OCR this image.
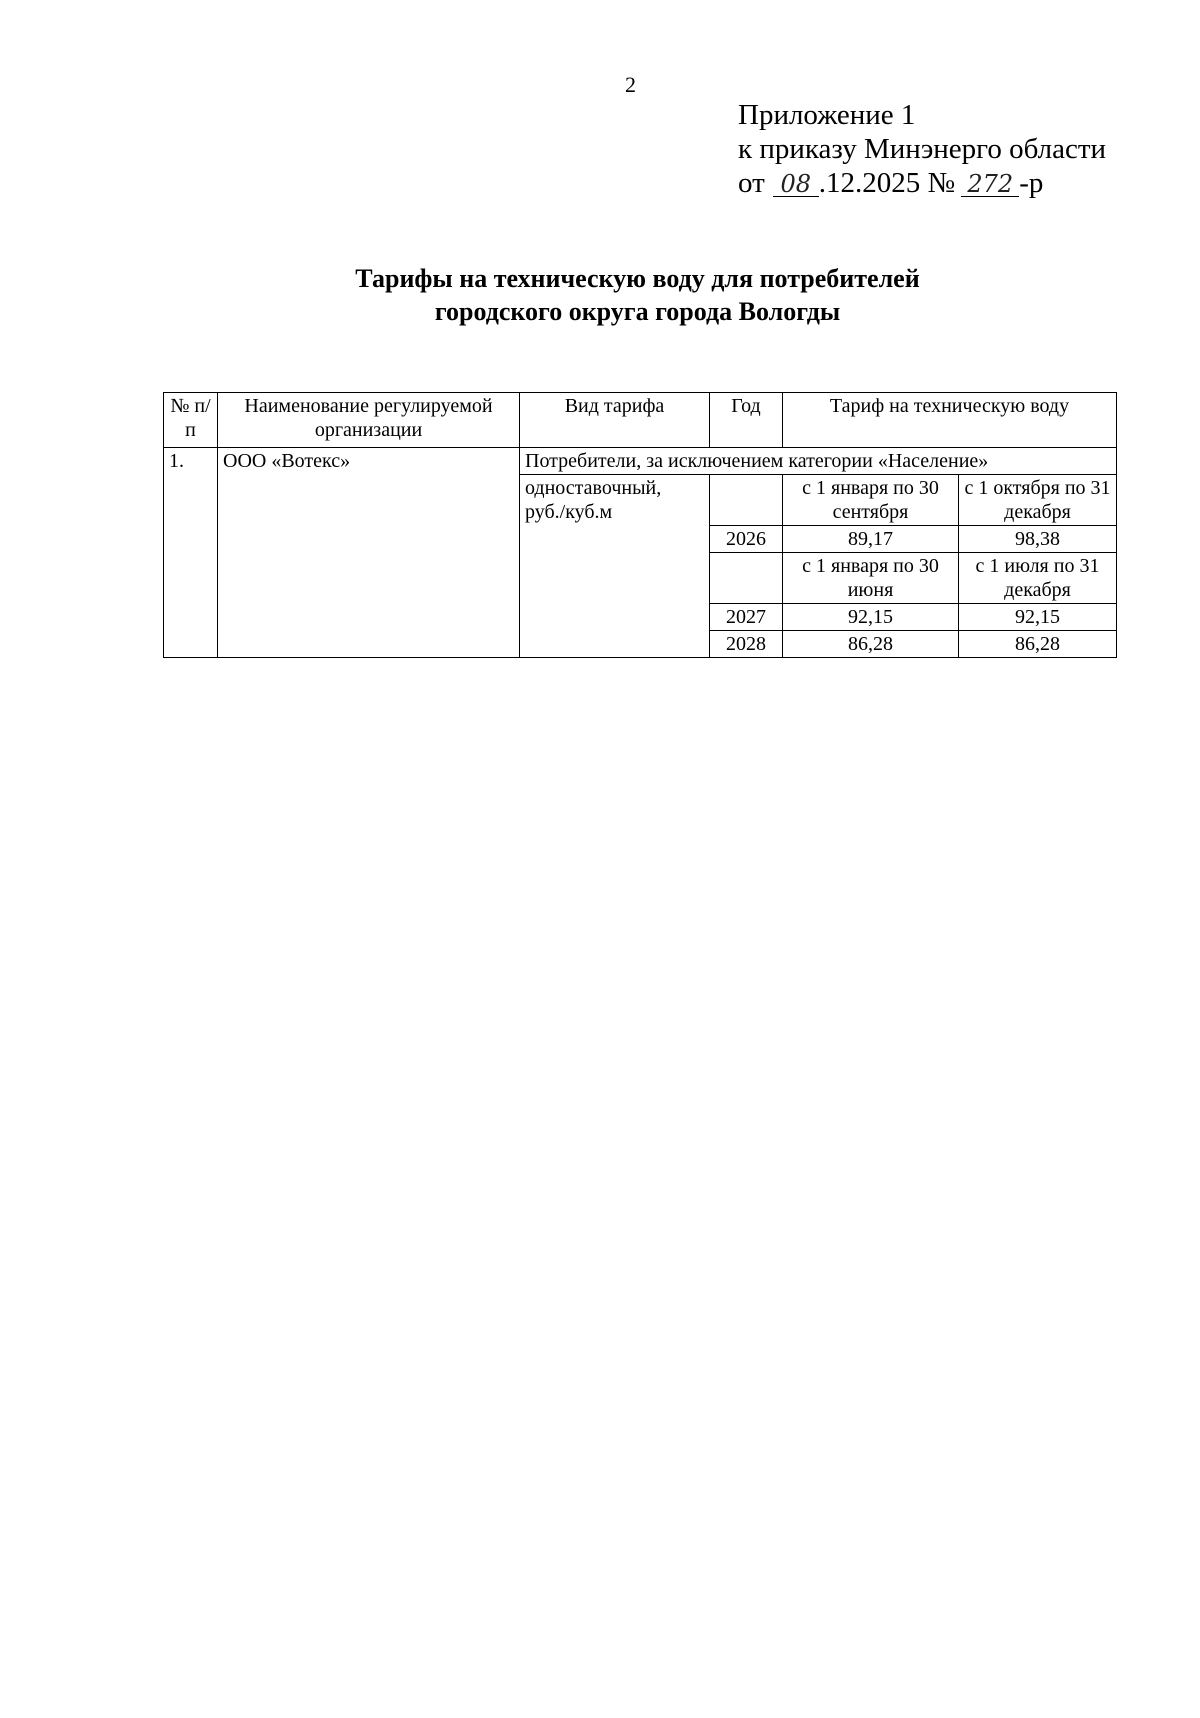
2
Приложение 1
к приказу Минэнерго области
от 08 .12.2025 № 272 -р
Тарифы на техническую воду для потребителей
городского округа города Вологды
№ п/п	Наименование регулируемой организации	Вид тарифа	Год	Тариф на техническую воду	
1.	ООО «Вотекс»	Потребители, за исключением категории «Население»			
		одноставочный, руб./куб.м		с 1 января по 30 сентября	с 1 октября по 31 декабря
			2026	89,17	98,38
				с 1 января по 30 июня	с 1 июля по 31 декабря
			2027	92,15	92,15
			2028	86,28	86,28
